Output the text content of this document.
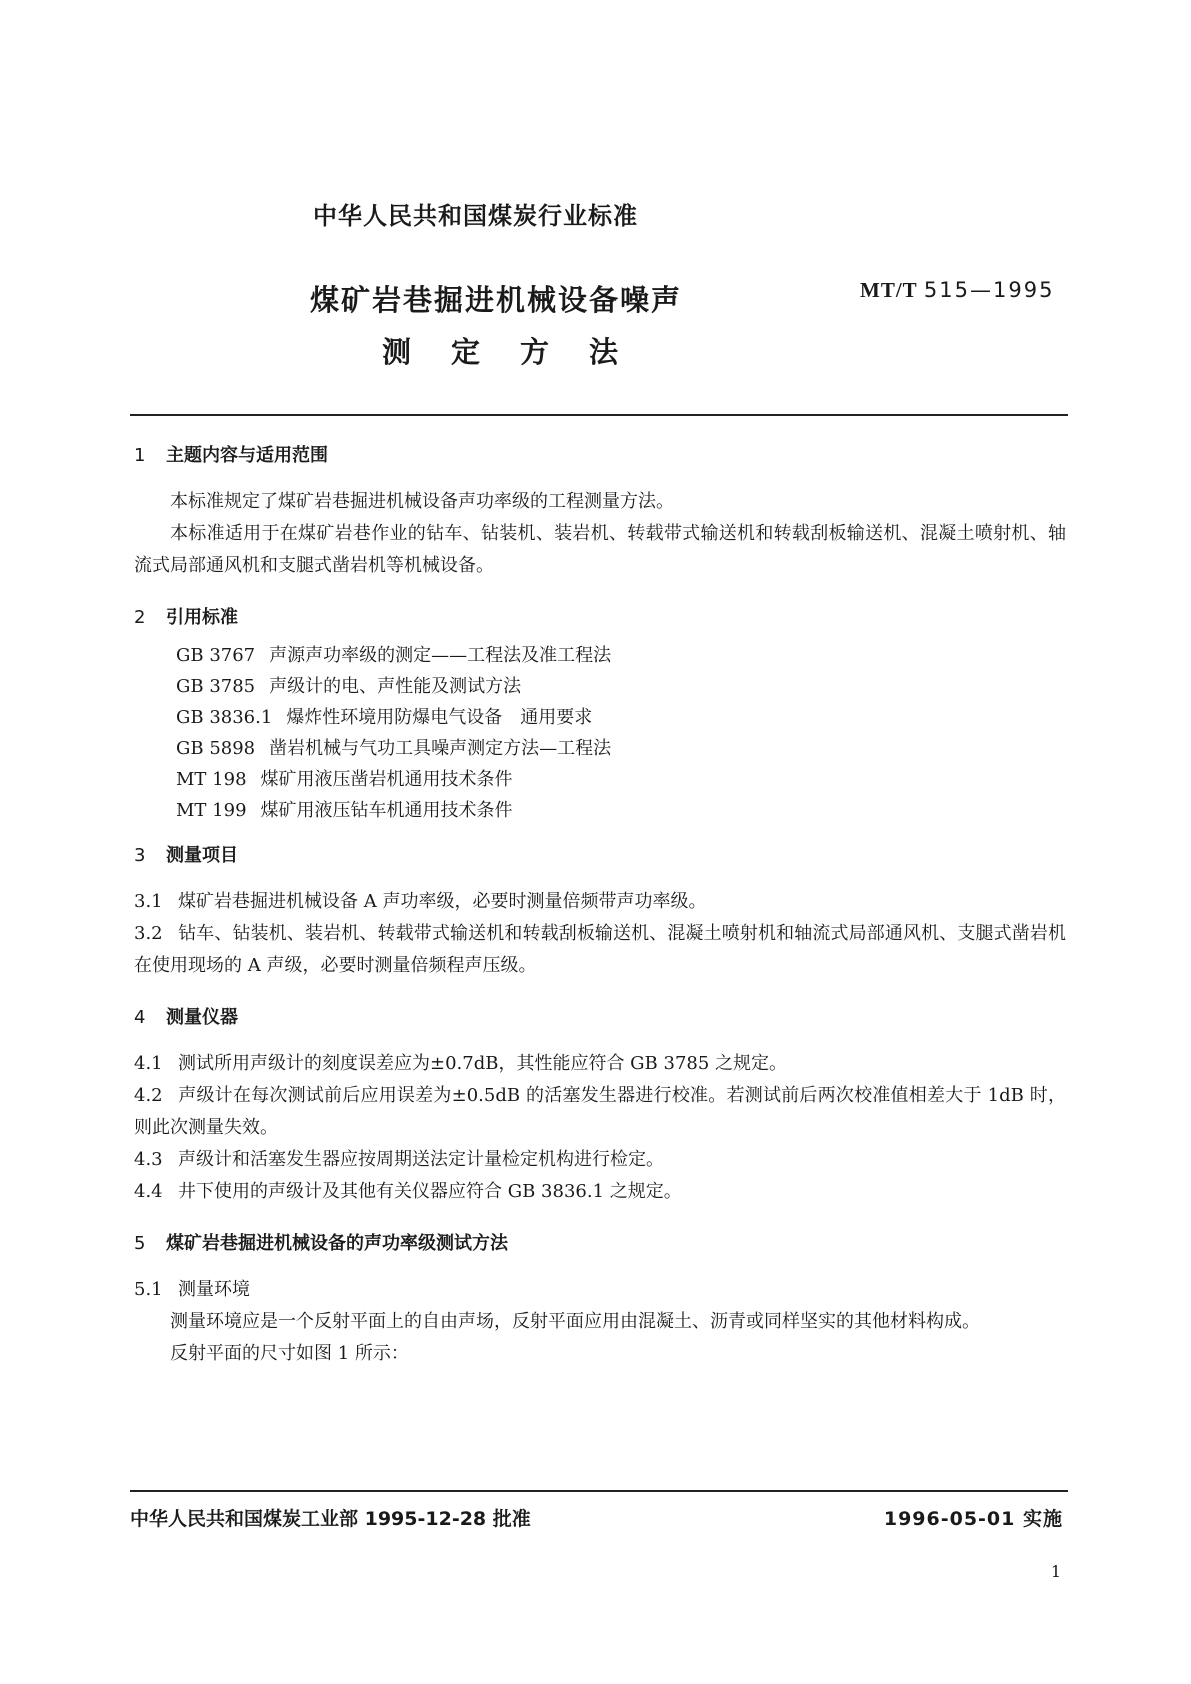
中华人民共和国煤炭行业标准
煤矿岩巷掘进机械设备噪声
测定方法
MT/T 515—1995
1 主题内容与适用范围

本标准规定了煤矿岩巷掘进机械设备声功率级的工程测量方法。

本标准适用于在煤矿岩巷作业的钻车、钻装机、装岩机、转载带式输送机和转载刮板输送机、混凝土喷射机、轴流式局部通风机和支腿式凿岩机等机械设备。

2 引用标准
GB 3767 声源声功率级的测定——工程法及准工程法
GB 3785 声级计的电、声性能及测试方法
GB 3836.1 爆炸性环境用防爆电气设备　通用要求
GB 5898 凿岩机械与气功工具噪声测定方法—工程法
MT 198 煤矿用液压凿岩机通用技术条件
MT 199 煤矿用液压钻车机通用技术条件
3 测量项目

3.1 煤矿岩巷掘进机械设备 A 声功率级，必要时测量倍频带声功率级。

3.2 钻车、钻装机、装岩机、转载带式输送机和转载刮板输送机、混凝土喷射机和轴流式局部通风机、支腿式凿岩机在使用现场的 A 声级，必要时测量倍频程声压级。

4 测量仪器

4.1 测试所用声级计的刻度误差应为±0.7dB，其性能应符合 GB 3785 之规定。

4.2 声级计在每次测试前后应用误差为±0.5dB 的活塞发生器进行校准。若测试前后两次校准值相差大于 1dB 时，则此次测量失效。

4.3 声级计和活塞发生器应按周期送法定计量检定机构进行检定。

4.4 井下使用的声级计及其他有关仪器应符合 GB 3836.1 之规定。

5 煤矿岩巷掘进机械设备的声功率级测试方法

5.1 测量环境

测量环境应是一个反射平面上的自由声场，反射平面应用由混凝土、沥青或同样坚实的其他材料构成。

反射平面的尺寸如图 1 所示：

中华人民共和国煤炭工业部 1995-12-28 批准	1996-05-01 实施
1
